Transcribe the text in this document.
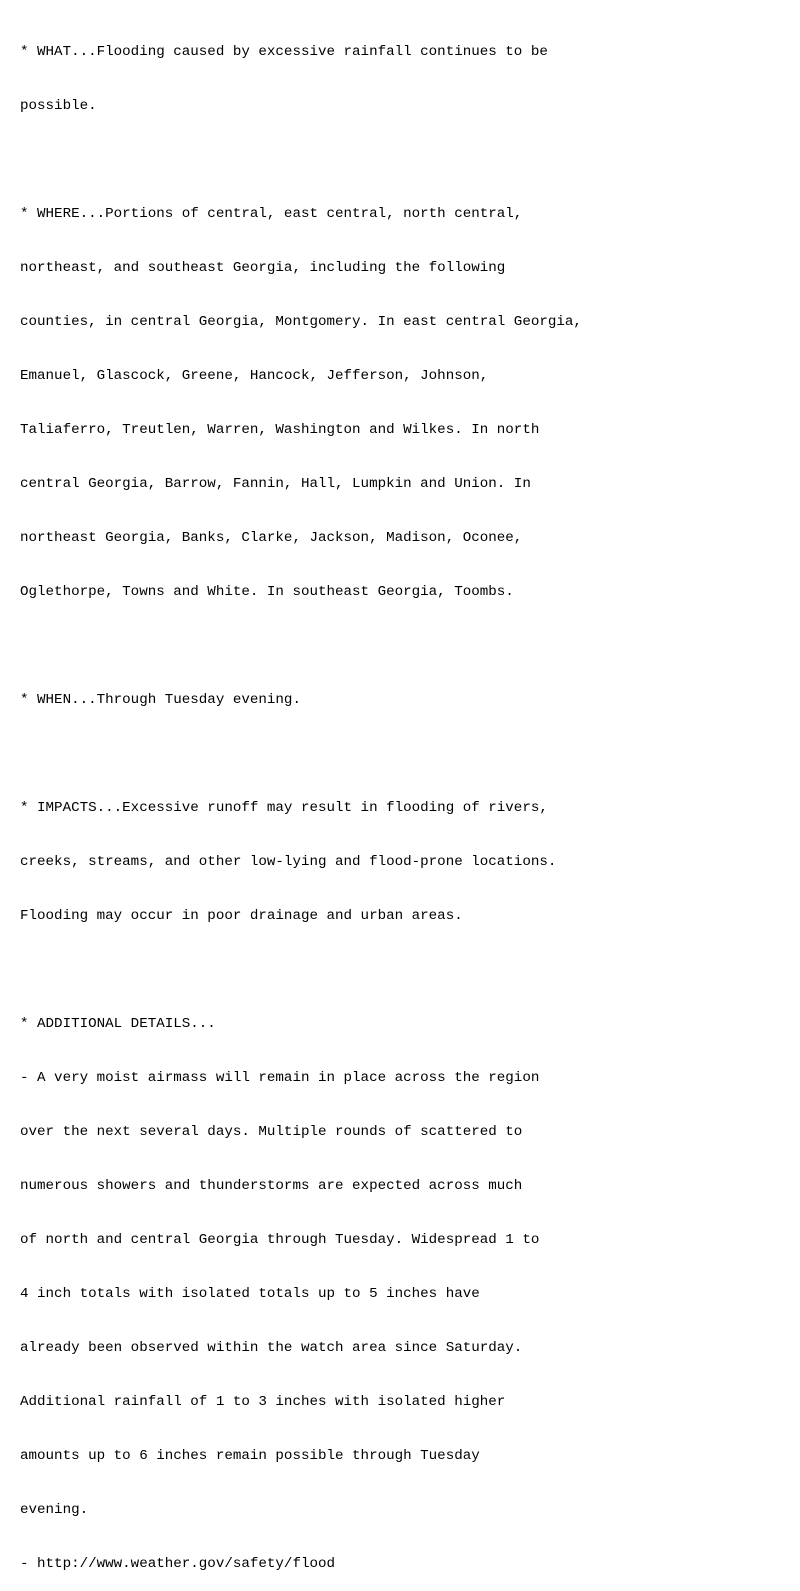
* WHAT...Flooding caused by excessive rainfall continues to be

possible.

* WHERE...Portions of central, east central, north central,

northeast, and southeast Georgia, including the following

counties, in central Georgia, Montgomery. In east central Georgia,

Emanuel, Glascock, Greene, Hancock, Jefferson, Johnson,

Taliaferro, Treutlen, Warren, Washington and Wilkes. In north

central Georgia, Barrow, Fannin, Hall, Lumpkin and Union. In

northeast Georgia, Banks, Clarke, Jackson, Madison, Oconee,

Oglethorpe, Towns and White. In southeast Georgia, Toombs.

* WHEN...Through Tuesday evening.

* IMPACTS...Excessive runoff may result in flooding of rivers,

creeks, streams, and other low-lying and flood-prone locations.

Flooding may occur in poor drainage and urban areas.

* ADDITIONAL DETAILS...

- A very moist airmass will remain in place across the region

over the next several days. Multiple rounds of scattered to

numerous showers and thunderstorms are expected across much

of north and central Georgia through Tuesday. Widespread 1 to

4 inch totals with isolated totals up to 5 inches have

already been observed within the watch area since Saturday.

Additional rainfall of 1 to 3 inches with isolated higher

amounts up to 6 inches remain possible through Tuesday

evening.

- http://www.weather.gov/safety/flood
